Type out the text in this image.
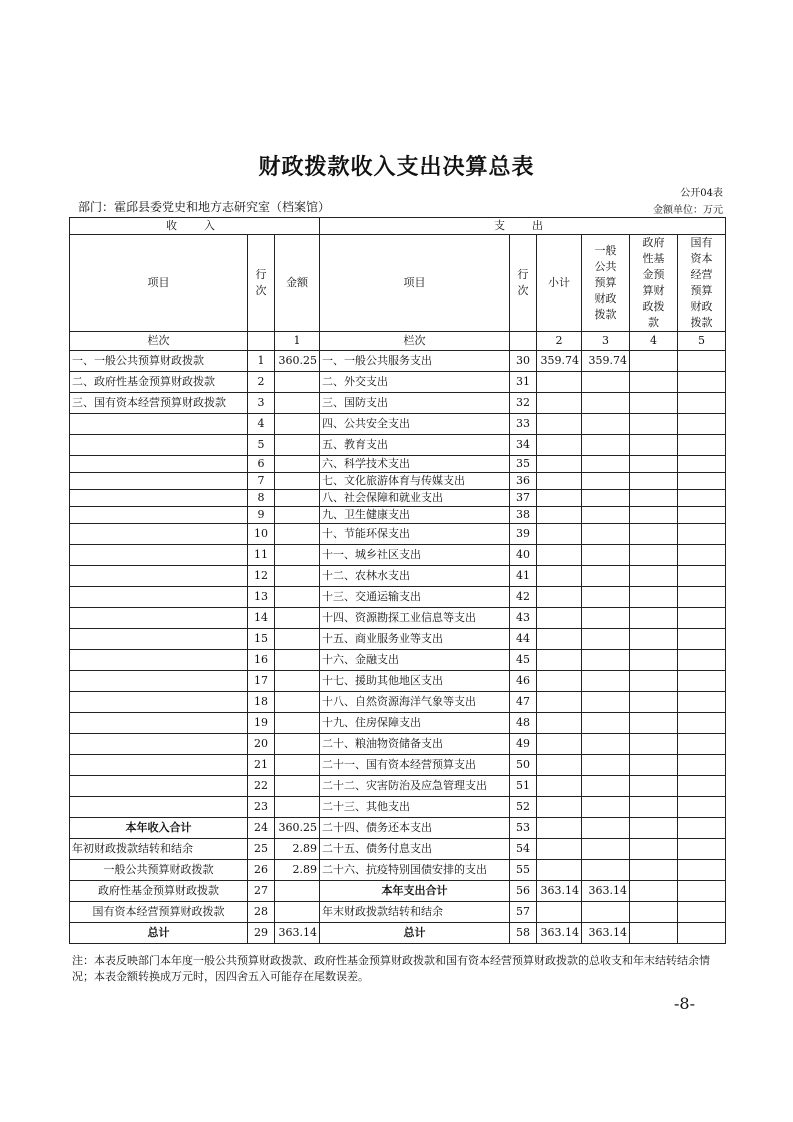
财政拨款收入支出决算总表
公开04表
部门：霍邱县委党史和地方志研究室（档案馆）	金额单位：万元
收　入			支　出					
项目	行次	金额	项目	行次	小计	一般公共预算财政拨款	政府性基金预算财政拨款	国有资本经营预算财政拨款
栏次		1	栏次		2	3	4	5
一、一般公共预算财政拨款	1	360.25	一、一般公共服务支出	30	359.74	359.74		
二、政府性基金预算财政拨款	2		二、外交支出	31				
三、国有资本经营预算财政拨款	3		三、国防支出	32				
	4		四、公共安全支出	33				
	5		五、教育支出	34				
	6		六、科学技术支出	35				
	7		七、文化旅游体育与传媒支出	36				
	8		八、社会保障和就业支出	37				
	9		九、卫生健康支出	38				
	10		十、节能环保支出	39				
	11		十一、城乡社区支出	40				
	12		十二、农林水支出	41				
	13		十三、交通运输支出	42				
	14		十四、资源勘探工业信息等支出	43				
	15		十五、商业服务业等支出	44				
	16		十六、金融支出	45				
	17		十七、援助其他地区支出	46				
	18		十八、自然资源海洋气象等支出	47				
	19		十九、住房保障支出	48				
	20		二十、粮油物资储备支出	49				
	21		二十一、国有资本经营预算支出	50				
	22		二十二、灾害防治及应急管理支出	51				
	23		二十三、其他支出	52				
本年收入合计	24	360.25	二十四、债务还本支出	53				
年初财政拨款结转和结余	25	2.89	二十五、债务付息支出	54				
一般公共预算财政拨款	26	2.89	二十六、抗疫特别国债安排的支出	55				
政府性基金预算财政拨款	27		本年支出合计	56	363.14	363.14		
国有资本经营预算财政拨款	28		年末财政拨款结转和结余	57				
总计	29	363.14	总计	58	363.14	363.14		
注：本表反映部门本年度一般公共预算财政拨款、政府性基金预算财政拨款和国有资本经营预算财政拨款的总收支和年末结转结余情况；本表金额转换成万元时，因四舍五入可能存在尾数误差。
-8-
